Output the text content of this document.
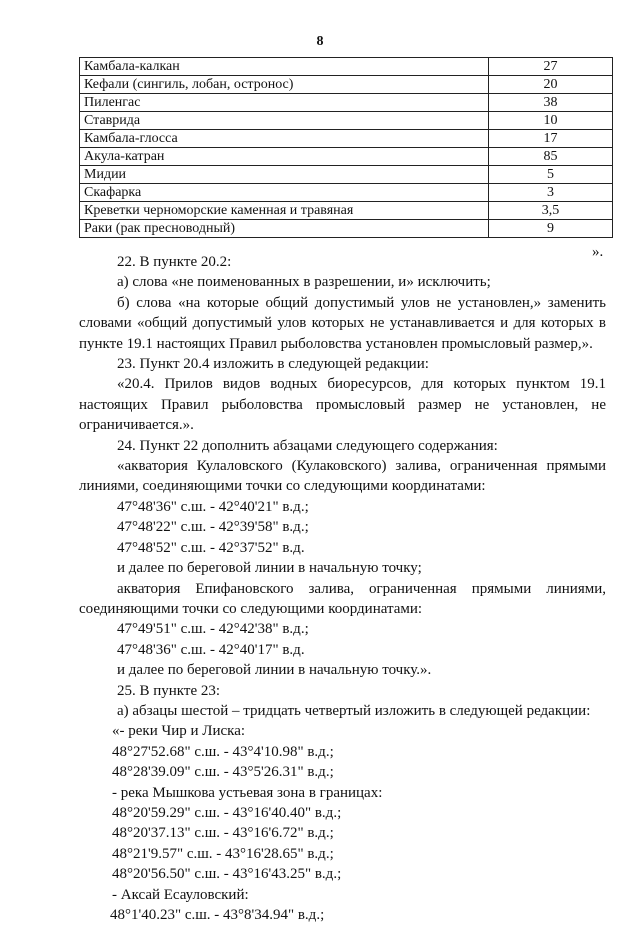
8
Камбала-калкан	27
Кефали (сингиль, лобан, остронос)	20
Пиленгас	38
Ставрида	10
Камбала-глосса	17
Акула-катран	85
Мидии	5
Скафарка	3
Креветки черноморские каменная и травяная	3,5
Раки (рак пресноводный)	9
».

22. В пункте 20.2:

а) слова «не поименованных в разрешении, и» исключить;

б) слова «на которые общий допустимый улов не установлен,» заменить словами «общий допустимый улов которых не устанавливается и для которых в пункте 19.1 настоящих Правил рыболовства установлен промысловый размер,».

23. Пункт 20.4 изложить в следующей редакции:

«20.4. Прилов видов водных биоресурсов, для которых пунктом 19.1 настоящих Правил рыболовства промысловый размер не установлен, не ограничивается.».

24. Пункт 22 дополнить абзацами следующего содержания:

«акватория Кулаловского (Кулаковского) залива, ограниченная прямыми линиями, соединяющими точки со следующими координатами:

47°48'36" с.ш. - 42°40'21" в.д.;

47°48'22" с.ш. - 42°39'58" в.д.;

47°48'52" с.ш. - 42°37'52" в.д.

и далее по береговой линии в начальную точку;

акватория Епифановского залива, ограниченная прямыми линиями, соединяющими точки со следующими координатами:

47°49'51" с.ш. - 42°42'38" в.д.;

47°48'36" с.ш. - 42°40'17" в.д.

и далее по береговой линии в начальную точку.».

25. В пункте 23:

а) абзацы шестой – тридцать четвертый изложить в следующей редакции:

«- реки Чир и Лиска:

48°27'52.68" с.ш. - 43°4'10.98" в.д.;

48°28'39.09" с.ш. - 43°5'26.31" в.д.;

- река Мышкова устьевая зона в границах:

48°20'59.29" с.ш. - 43°16'40.40" в.д.;

48°20'37.13" с.ш. - 43°16'6.72" в.д.;

48°21'9.57" с.ш. - 43°16'28.65" в.д.;

48°20'56.50" с.ш. - 43°16'43.25" в.д.;

- Аксай Есауловский:

48°1'40.23" с.ш. - 43°8'34.94" в.д.;
